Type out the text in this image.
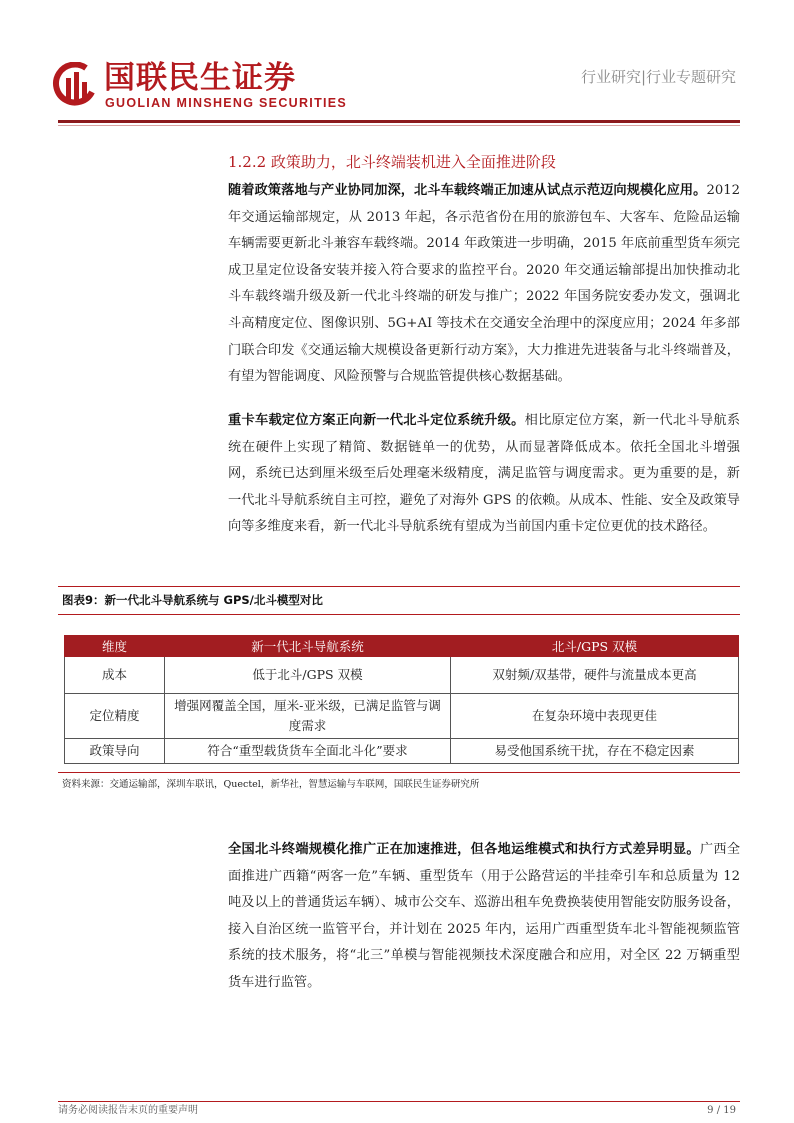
国联民生证券
GUOLIAN MINSHENG SECURITIES
行业研究|行业专题研究
1.2.2 政策助力，北斗终端装机进入全面推进阶段
随着政策落地与产业协同加深，北斗车载终端正加速从试点示范迈向规模化应用。2012 年交通运输部规定，从 2013 年起，各示范省份在用的旅游包车、大客车、危险品运输车辆需要更新北斗兼容车载终端。2014 年政策进一步明确，2015 年底前重型货车须完成卫星定位设备安装并接入符合要求的监控平台。2020 年交通运输部提出加快推动北斗车载终端升级及新一代北斗终端的研发与推广；2022 年国务院安委办发文，强调北斗高精度定位、图像识别、5G+AI 等技术在交通安全治理中的深度应用；2024 年多部门联合印发《交通运输大规模设备更新行动方案》，大力推进先进装备与北斗终端普及，有望为智能调度、风险预警与合规监管提供核心数据基础。
重卡车载定位方案正向新一代北斗定位系统升级。相比原定位方案，新一代北斗导航系统在硬件上实现了精简、数据链单一的优势，从而显著降低成本。依托全国北斗增强网，系统已达到厘米级至后处理毫米级精度，满足监管与调度需求。更为重要的是，新一代北斗导航系统自主可控，避免了对海外 GPS 的依赖。从成本、性能、安全及政策导向等多维度来看，新一代北斗导航系统有望成为当前国内重卡定位更优的技术路径。
图表9：新一代北斗导航系统与 GPS/北斗模型对比
维度	新一代北斗导航系统	北斗/GPS 双模
成本	低于北斗/GPS 双模	双射频/双基带，硬件与流量成本更高
定位精度	增强网覆盖全国，厘米-亚米级，已满足监管与调度需求	在复杂环境中表现更佳
政策导向	符合“重型载货货车全面北斗化”要求	易受他国系统干扰，存在不稳定因素
资料来源：交通运输部，深圳车联讯，Quectel，新华社，智慧运输与车联网，国联民生证券研究所
全国北斗终端规模化推广正在加速推进，但各地运维模式和执行方式差异明显。广西全面推进广西籍“两客一危”车辆、重型货车（用于公路营运的半挂牵引车和总质量为 12 吨及以上的普通货运车辆）、城市公交车、巡游出租车免费换装使用智能安防服务设备，接入自治区统一监管平台，并计划在 2025 年内，运用广西重型货车北斗智能视频监管系统的技术服务，将“北三”单模与智能视频技术深度融合和应用，对全区 22 万辆重型货车进行监管。
请务必阅读报告末页的重要声明	9 / 19
